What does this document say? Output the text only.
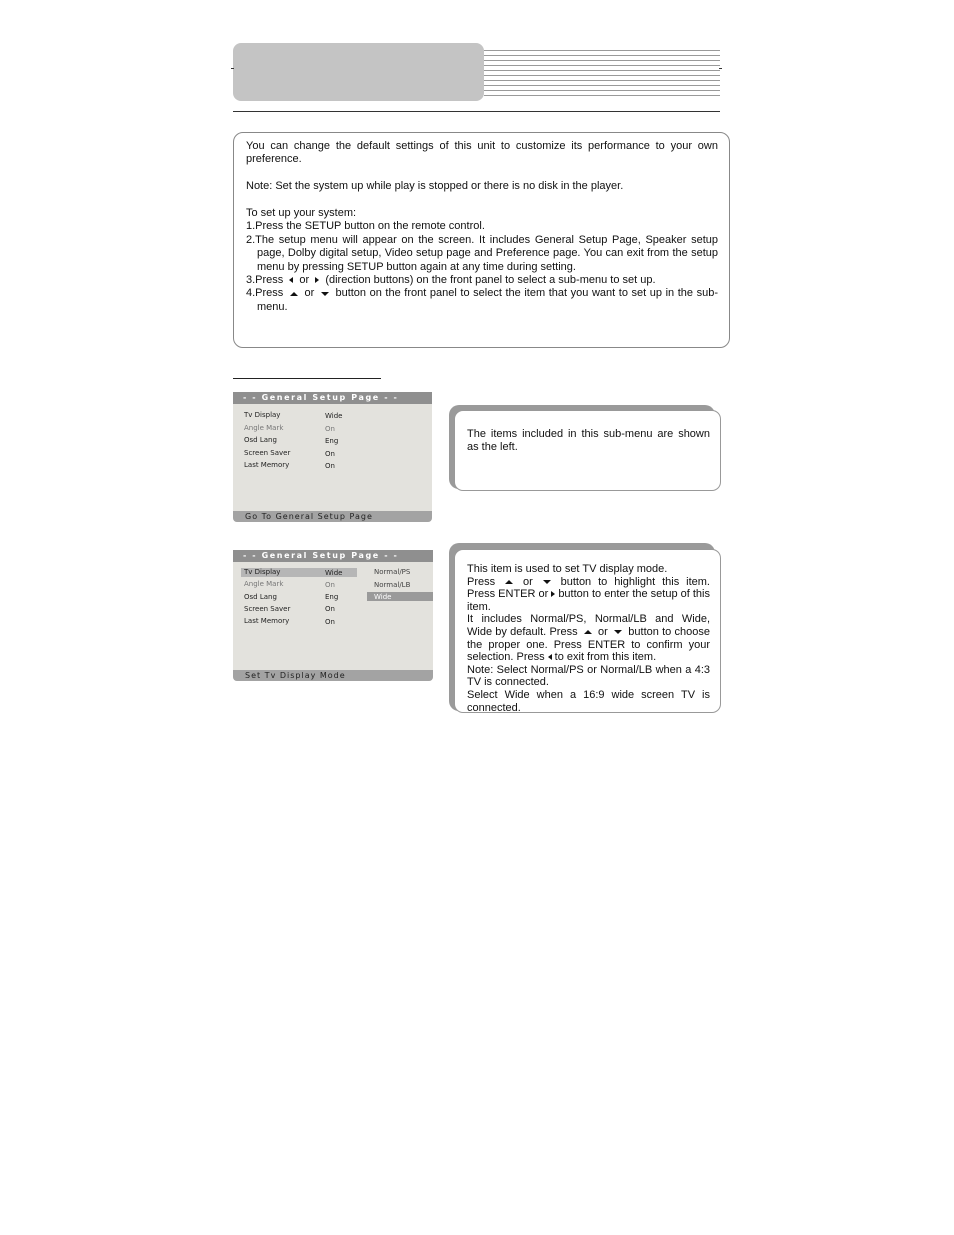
You can change the default settings of this unit to customize its performance to your own preference.

Note: Set the system up while play is stopped or there is no disk in the player.

To set up your system:

1.Press the SETUP button on the remote control.

2.The setup menu will appear on the screen. It includes General Setup Page, Speaker setup page, Dolby digital setup, Video setup page and Preference page. You can exit from the setup menu by pressing SETUP button again at any time during setting.

3.Press or (direction buttons) on the front panel to select a sub-menu to set up.

4.Press or button on the front panel to select the item that you want to set up in the sub-menu.

- - General Setup Page - -
Tv Display	Wide
Angle Mark	On
Osd Lang	Eng
Screen Saver	On
Last Memory	On
Go To General Setup Page

The items included in this sub-menu are shown as the left.

- - General Setup Page - -
Tv Display	Wide
Angle Mark	On
Osd Lang	Eng
Screen Saver	On
Last Memory	On
Normal/PS
Normal/LB
Wide
Set Tv Display Mode

This item is used to set TV display mode.

Press	or	button to highlight this item. Press ENTER or button to enter the setup of this item.

It includes Normal/PS, Normal/LB and Wide, Wide by default. Press or button to choose the proper one. Press ENTER to confirm your selection. Press to exit from this item.

Note: Select Normal/PS or Normal/LB when a 4:3 TV is connected.

Select Wide when a 16:9 wide screen TV is connected.
